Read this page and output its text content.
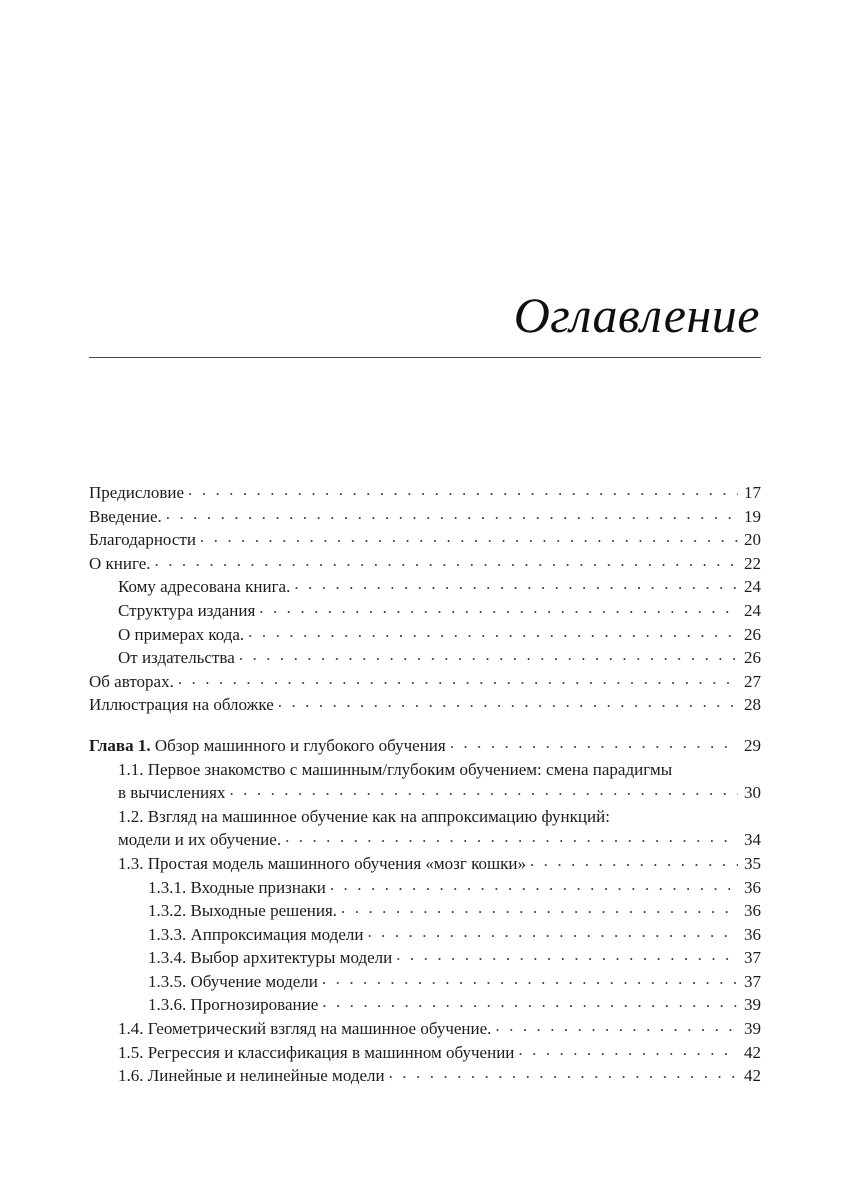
Оглавление
Предисловие . . .	17
Введение. . . .	19
Благодарности . . .	20
О книге. . . .	22
Кому адресована книга. . . .	24
Структура издания . . .	24
О примерах кода. . . .	26
От издательства . . .	26
Об авторах. . . .	27
Иллюстрация на обложке . . .	28
Глава 1. Обзор машинного и глубокого обучения . . .	29
1.1. Первое знакомство с машинным/глубоким обучением: смена парадигмы
в вычислениях . . .	30
1.2. Взгляд на машинное обучение как на аппроксимацию функций:
модели и их обучение. . . .	34
1.3. Простая модель машинного обучения «мозг кошки» . . .	35
1.3.1. Входные признаки . . .	36
1.3.2. Выходные решения. . . .	36
1.3.3. Аппроксимация модели . . .	36
1.3.4. Выбор архитектуры модели . . .	37
1.3.5. Обучение модели . . .	37
1.3.6. Прогнозирование . . .	39
1.4. Геометрический взгляд на машинное обучение. . . .	39
1.5. Регрессия и классификация в машинном обучении . . .	42
1.6. Линейные и нелинейные модели . . .	42
